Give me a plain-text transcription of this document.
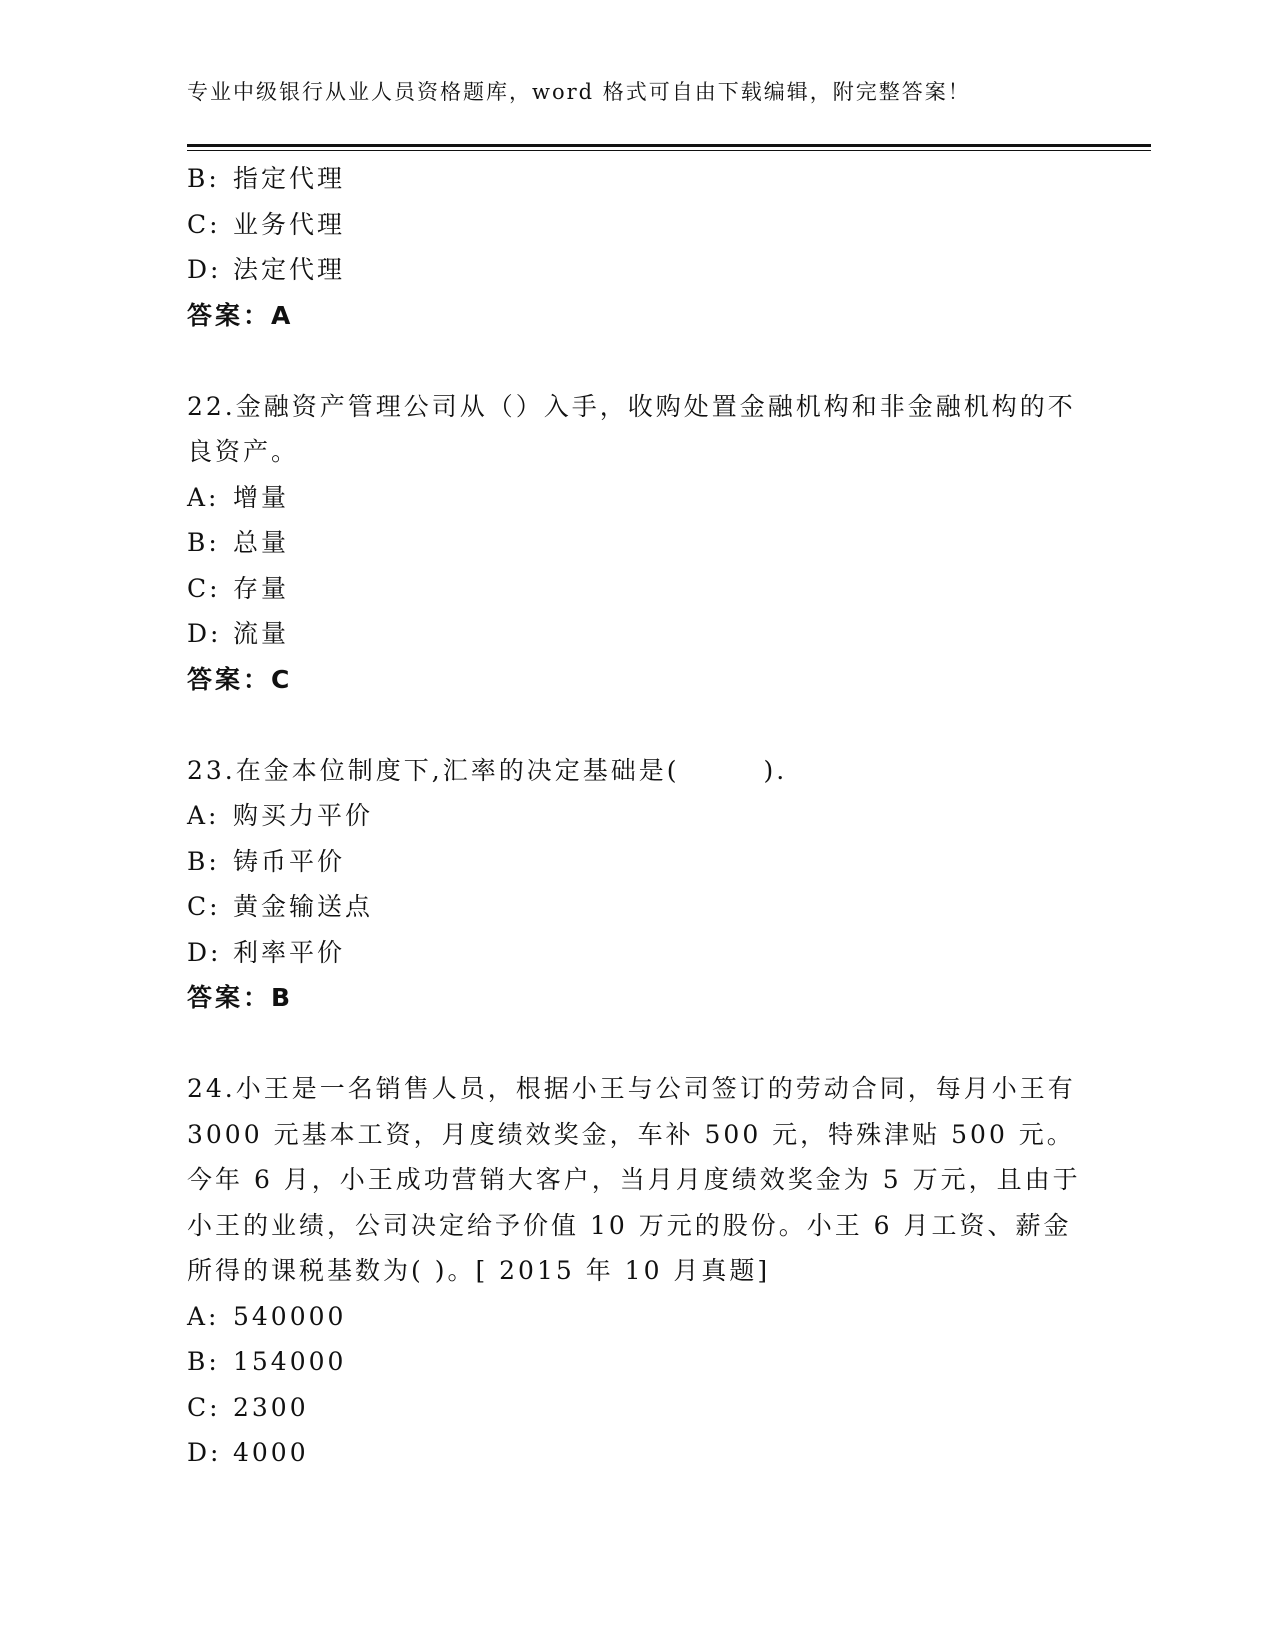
专业中级银行从业人员资格题库，word 格式可自由下载编辑，附完整答案！
B: 指定代理
C: 业务代理
D: 法定代理
答案：A
22.金融资产管理公司从（）入手，收购处置金融机构和非金融机构的不良资产。
A: 增量
B: 总量
C: 存量
D: 流量
答案：C
23.在金本位制度下,汇率的决定基础是(　　　).
A: 购买力平价
B: 铸币平价
C: 黄金输送点
D: 利率平价
答案：B
24.小王是一名销售人员，根据小王与公司签订的劳动合同，每月小王有 3000 元基本工资，月度绩效奖金，车补 500 元，特殊津贴 500 元。今年 6 月，小王成功营销大客户，当月月度绩效奖金为 5 万元，且由于小王的业绩，公司决定给予价值 10 万元的股份。小王 6 月工资、薪金所得的课税基数为( )。[ 2015 年 10 月真题]
A: 540000
B: 154000
C: 2300
D: 4000
